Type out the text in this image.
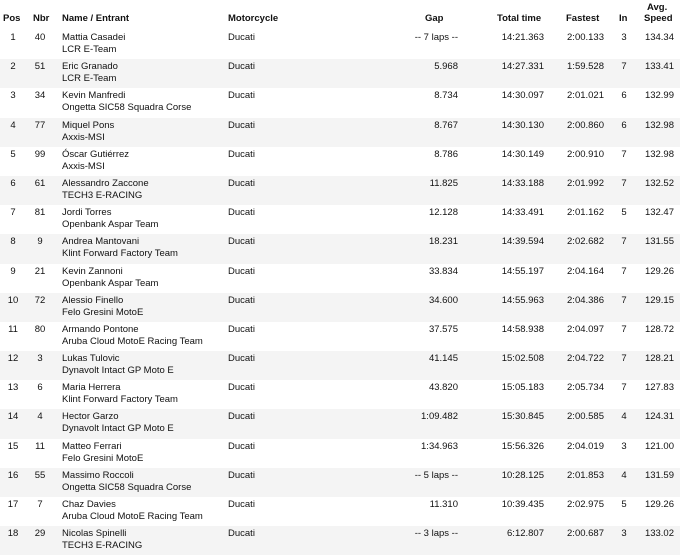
Pos Nbr Name / Entrant	Motorcycle	Gap	Total time	Fastest In
Avg.
Speed
1	40 Mattia Casadei
LCR E-Team
Ducati	-- 7 laps --	14:21.363	2:00.133	3	134.34
2	51 Eric Granado
LCR E-Team
Ducati	5.968	14:27.331	1:59.528	7	133.41
3	34 Kevin Manfredi
Ongetta SIC58 Squadra Corse
Ducati	8.734	14:30.097	2:01.021	6	132.99
4	77 Miquel Pons
Axxis-MSI
Ducati	8.767	14:30.130	2:00.860	6	132.98
5	99 Óscar Gutiérrez
Axxis-MSI
Ducati	8.786	14:30.149	2:00.910	7	132.98
6	61 Alessandro Zaccone
TECH3 E-RACING
Ducati	11.825	14:33.188	2:01.992	7	132.52
7	81 Jordi Torres
Openbank Aspar Team
Ducati	12.128	14:33.491	2:01.162	5	132.47
8	9	Andrea Mantovani
Klint Forward Factory Team
Ducati	18.231	14:39.594	2:02.682	7	131.55
9	21 Kevin Zannoni
Openbank Aspar Team
Ducati	33.834	14:55.197	2:04.164	7	129.26
10 72 Alessio Finello
Felo Gresini MotoE
Ducati	34.600	14:55.963	2:04.386	7	129.15
11 80 Armando Pontone
Aruba Cloud MotoE Racing Team
Ducati	37.575	14:58.938	2:04.097	7	128.72
12	3	Lukas Tulovic
Dynavolt Intact GP Moto E
Ducati	41.145	15:02.508	2:04.722	7	128.21
13	6	Maria Herrera
Klint Forward Factory Team
Ducati	43.820	15:05.183	2:05.734	7	127.83
14	4	Hector Garzo
Dynavolt Intact GP Moto E
Ducati	1:09.482	15:30.845	2:00.585	4	124.31
15	11	Matteo Ferrari
Felo Gresini MotoE
Ducati	1:34.963	15:56.326	2:04.019	3	121.00
16 55 Massimo Roccoli
Ongetta SIC58 Squadra Corse
Ducati	-- 5 laps --	10:28.125	2:01.853	4	131.59
17	7	Chaz Davies
Aruba Cloud MotoE Racing Team
Ducati	11.310	10:39.435	2:02.975	5	129.26
18 29 Nicolas Spinelli
TECH3 E-RACING
Ducati	-- 3 laps --	6:12.807	2:00.687	3	133.02
